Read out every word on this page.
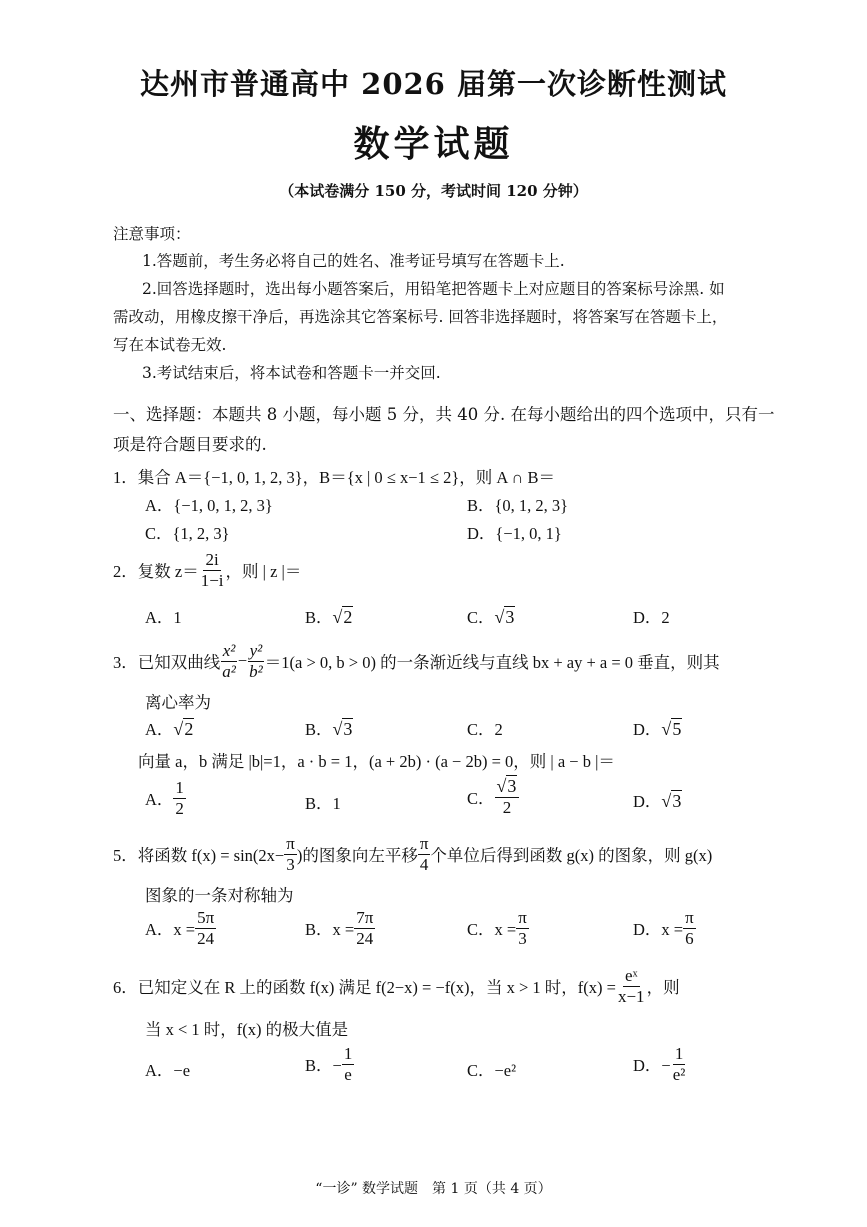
达州市普通高中 2026 届第一次诊断性测试
数学试题
（本试卷满分 150 分，考试时间 120 分钟）
注意事项：
1.答题前，考生务必将自己的姓名、准考证号填写在答题卡上.
2.回答选择题时，选出每小题答案后，用铅笔把答题卡上对应题目的答案标号涂黑. 如
需改动，用橡皮擦干净后，再选涂其它答案标号. 回答非选择题时，将答案写在答题卡上，
写在本试卷无效.
3.考试结束后，将本试卷和答题卡一并交回.
一、选择题：本题共 8 小题，每小题 5 分，共 40 分. 在每小题给出的四个选项中，只有一
项是符合题目要求的.
1．集合 A＝{−1, 0, 1, 2, 3}，B＝{x | 0 ≤ x−1 ≤ 2}，则 A ∩ B＝
A．{−1, 0, 1, 2, 3}	B．{0, 1, 2, 3}
C．{1, 2, 3}	D．{−1, 0, 1}
2．复数 $z= \frac{2i}{1-i}$ ，则 | z |＝
A．1	B．√2	C．√3	D．2
3．已知双曲线 $\frac{\text{x²}}{\text{a²}} - \frac{\text{y²}}{\text{b²}} =1(a > 0$, b > 0) 的一条渐近线与直线 bx + ay + a = 0 垂直，则其
离心率为
A．√2	B．√3	C．2	D．√5
向量 a，b 满足 |b|=1，a · b = 1，(a + 2b) · (a − 2b) = 0，则 | a − b |＝
A． $\frac{1}{2}$	B．1	C． $\frac{√3}{2}$	D．√3
5．将函数 $f(x) = \sin(2x- \frac{\pi}{3}$ )的图象向左平移 $\frac{\pi}{4}$ 个单位后得到函数 g(x) 的图象，则 g(x)
图象的一条对称轴为
A．$x = \frac{5\pi}{24}$	B．$x = \frac{7\pi}{24}$	C．$x = \frac{\pi}{3}$	D．$x = \frac{\pi}{6}$
6．已知定义在 R 上的函数 f(x) 满足 f(2−x) = −f(x)，当 x > 1 时，$f(x) = \frac{\text{eˣ}}{x-1}$ ，则
当 x < 1 时，f(x) 的极大值是
A．−e	B．− $\frac{1}{e}$	C．−e²	D．− $\frac{1}{\text{e²}}$
“一诊” 数学试题　第 1 页（共 4 页）
